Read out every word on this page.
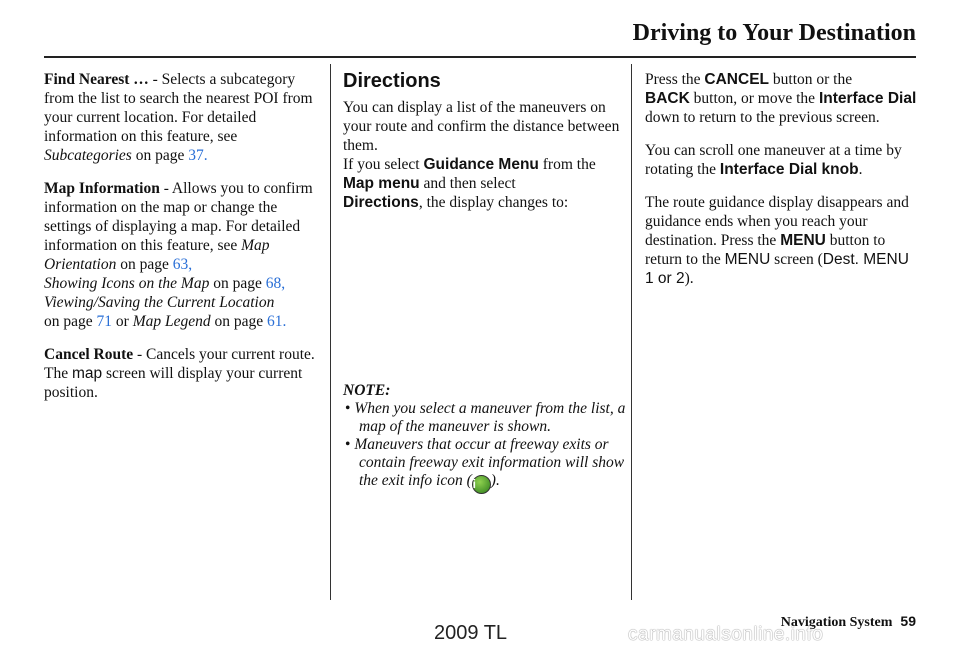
Driving to Your Destination

Find Nearest … - Selects a subcategory from the list to search the nearest POI from your current location. For detailed information on this feature, see Subcategories on page 37.

Map Information - Allows you to confirm information on the map or change the settings of displaying a map. For detailed information on this feature, see Map Orientation on page 63,
Showing Icons on the Map on page 68,
Viewing/Saving the Current Location
on page 71 or Map Legend on page 61.

Cancel Route - Cancels your current route. The map screen will display your current position.

Directions
You can display a list of the maneuvers on your route and confirm the distance between them.
If you select Guidance Menu from the Map menu and then select
Directions, the display changes to:
NOTE:
• When you select a maneuver from the list, a map of the maneuver is shown.
• Maneuvers that occur at freeway exits or contain freeway exit information will show the exit info icon (i ).

Press the CANCEL button or the
BACK button, or move the Interface Dial down to return to the previous screen.

You can scroll one maneuver at a time by rotating the Interface Dial knob.

The route guidance display disappears and guidance ends when you reach your destination. Press the MENU button to return to the MENU screen (Dest. MENU 1 or 2).

Navigation System 59
2009 TL	carmanualsonline.info
